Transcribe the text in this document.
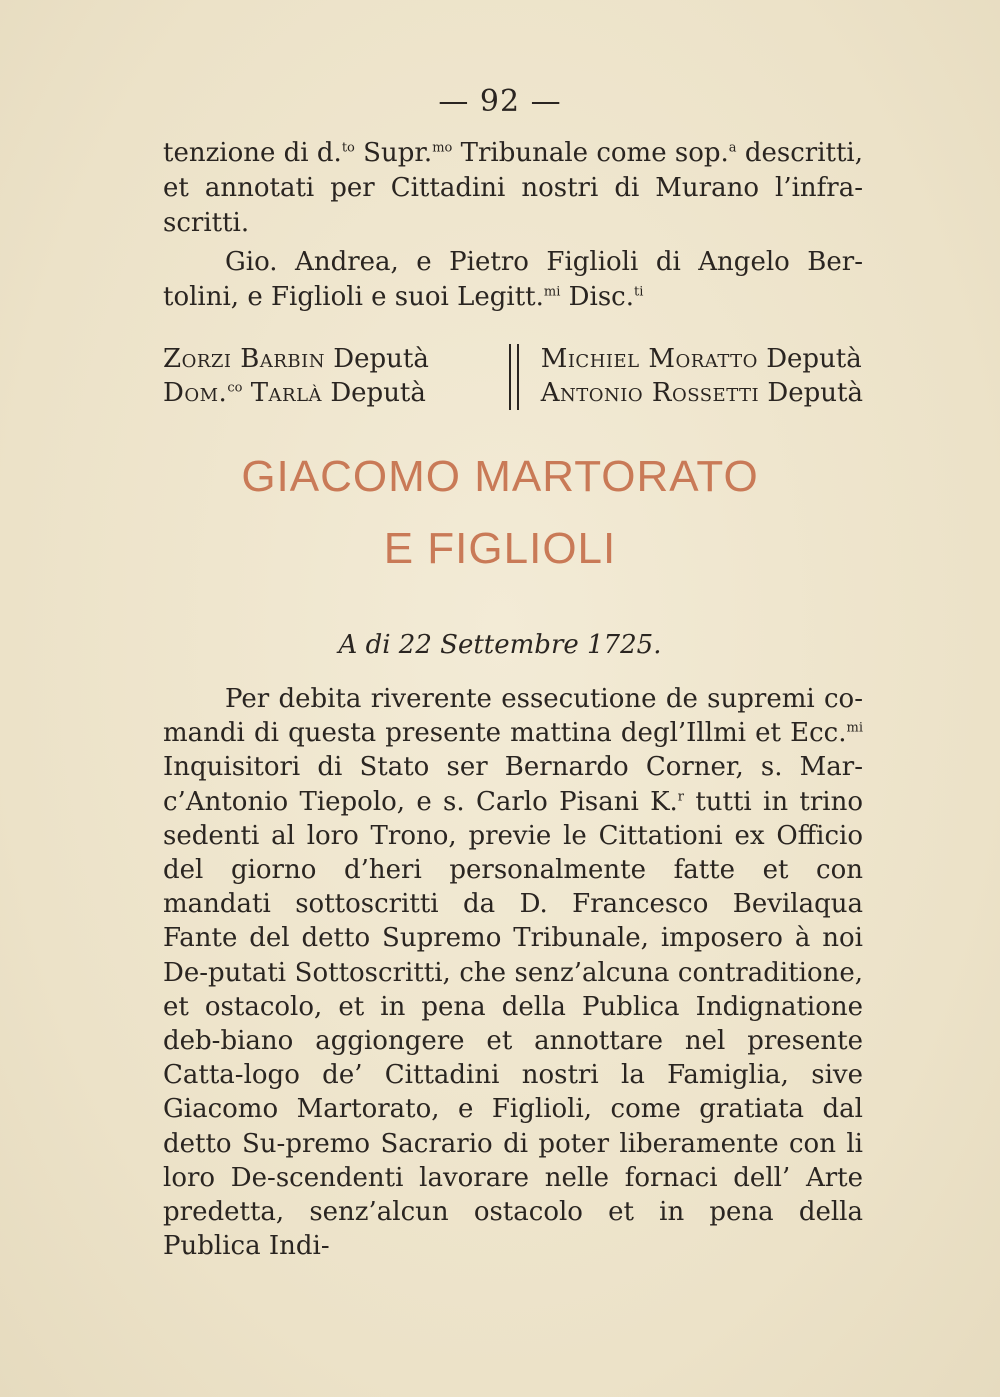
— 92 —

tenzione di d.$^{to}$ Supr.$^{mo}$ Tribunale come sop.$^a$ descritti, et annotati per Cittadini nostri di Murano l’infra-scritti.

Gio. Andrea, e Pietro Figlioli di Angelo Ber-tolini, e Figlioli e suoi Legitt.$^{mi}$ Disc.$^{ti}$

Zorzi Barbin Deputà
Dom.$^{co}$ Tarlà Deputà
Michiel Moratto Deputà
Antonio Rossetti Deputà
GIACOMO MARTORATO
E FIGLIOLI
A di 22 Settembre 1725.

Per debita riverente essecutione de supremi co-mandi di questa presente mattina degl’Illmi et Ecc.$^{mi}$ Inquisitori di Stato ser Bernardo Corner, s. Mar-c’Antonio Tiepolo, e s. Carlo Pisani K.$^r$ tutti in trino sedenti al loro Trono, previe le Cittationi ex Officio del giorno d’heri personalmente fatte et con mandati sottoscritti da D. Francesco Bevilaqua Fante del detto Supremo Tribunale, imposero à noi De-putati Sottoscritti, che senz’alcuna contraditione, et ostacolo, et in pena della Publica Indignatione deb-biano aggiongere et annottare nel presente Catta-logo de’ Cittadini nostri la Famiglia, sive Giacomo Martorato, e Figlioli, come gratiata dal detto Su-premo Sacrario di poter liberamente con li loro De-scendenti lavorare nelle fornaci dell’ Arte predetta, senz’alcun ostacolo et in pena della Publica Indi-
